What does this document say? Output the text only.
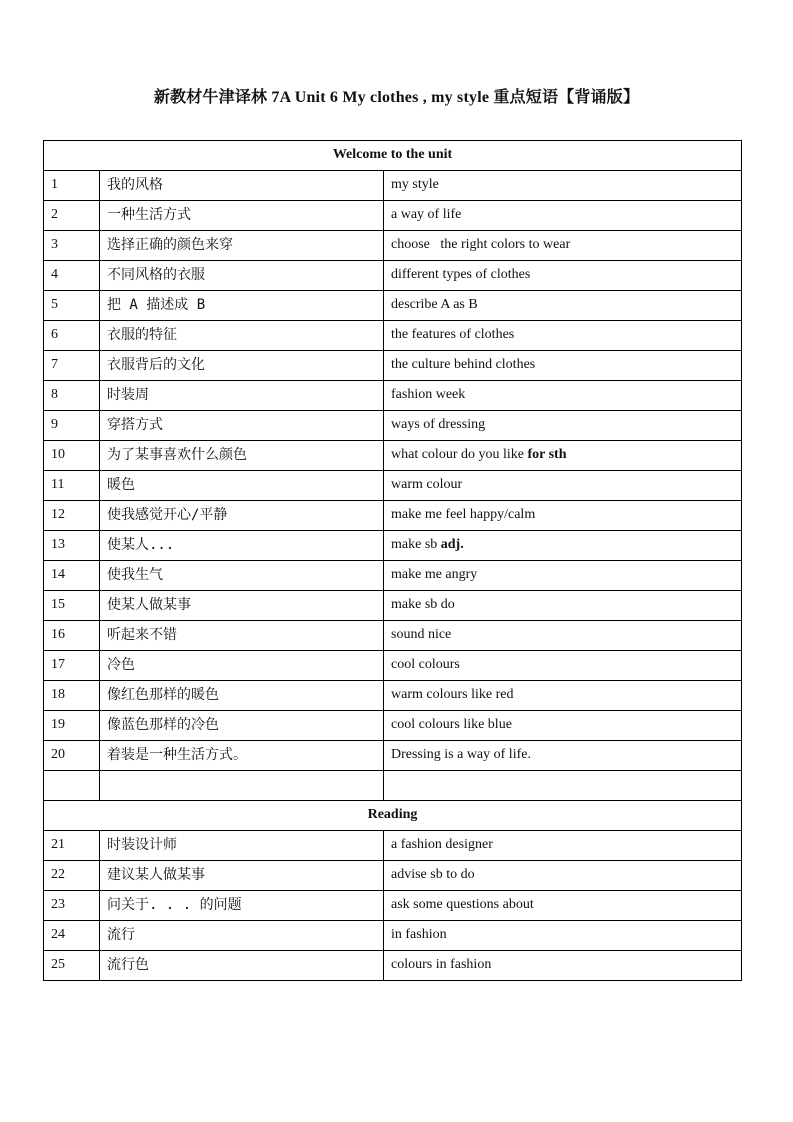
新教材牛津译林 7A Unit 6 My clothes , my style 重点短语【背诵版】
Welcome to the unit		
1	我的风格	my style
2	一种生活方式	a way of life
3	选择正确的颜色来穿	choose   the right colors to wear
4	不同风格的衣服	different types of clothes
5	把 A 描述成 B	describe A as B
6	衣服的特征	the features of clothes
7	衣服背后的文化	the culture behind clothes
8	时装周	fashion week
9	穿搭方式	ways of dressing
10	为了某事喜欢什么颜色	what colour do you like for sth
11	暖色	warm colour
12	使我感觉开心/平静	make me feel happy/calm
13	使某人...	make sb adj.
14	使我生气	make me angry
15	使某人做某事	make sb do
16	听起来不错	sound nice
17	冷色	cool colours
18	像红色那样的暖色	warm colours like red
19	像蓝色那样的冷色	cool colours like blue
20	着装是一种生活方式。	Dressing is a way of life.

Reading		
21	时装设计师	a fashion designer
22	建议某人做某事	advise sb to do
23	问关于. . . 的问题	ask some questions about
24	流行	in fashion
25	流行色	colours in fashion
